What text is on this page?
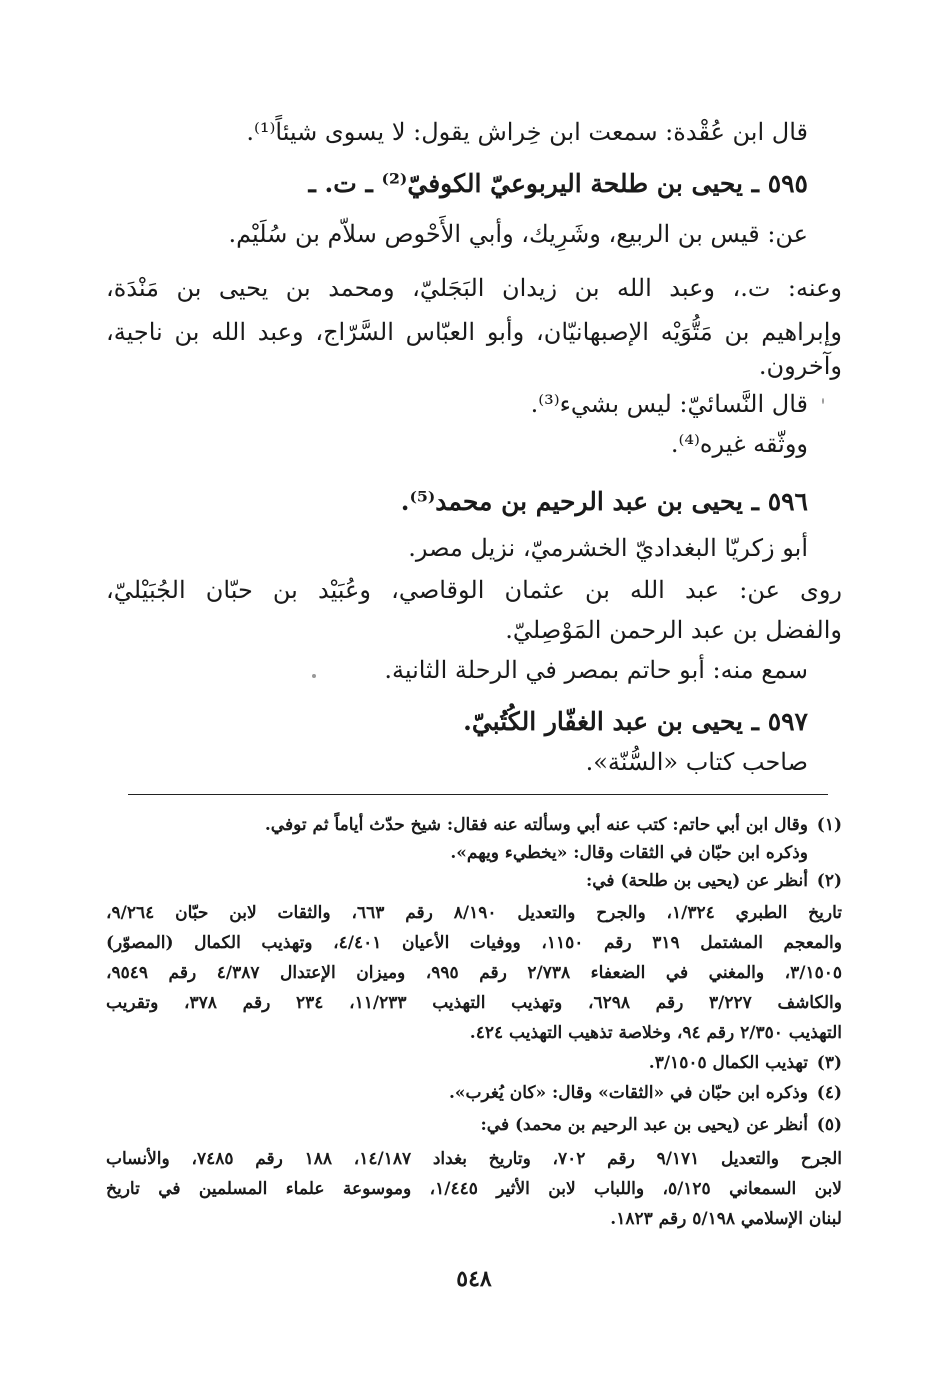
قال ابن عُقْدة: سمعت ابن خِراش يقول: لا يسوى شيئاً⁽¹⁾.
٥٩٥ ـ يحيى بن طلحة اليربوعيّ الكوفيّ⁽²⁾ ـ ت. ـ
عن: قيس بن الربيع، وشَرِيك، وأبي الأَحْوص سلاّم بن سُلَيْم.
وعنه: ت.، وعبد الله بن زيدان البَجَليّ، ومحمد بن يحيى بن مَنْدَة،
وإبراهيم بن مَتُّوَيْه الإصبهانيّان، وأبو العبّاس السَّرّاج، وعبد الله بن ناجية،
وآخرون.
قال النَّسائيّ: ليس بشيء⁽³⁾.
ووثّقه غيره⁽⁴⁾.
٥٩٦ ـ يحيى بن عبد الرحيم بن محمد⁽⁵⁾.
أبو زكريّا البغداديّ الخشرميّ، نزيل مصر.
روى عن: عبد الله بن عثمان الوقاصي، وعُبَيْد بن حبّان الجُبَيْليّ،
والفضل بن عبد الرحمن المَوْصِليّ.
سمع منه: أبو حاتم بمصر في الرحلة الثانية.
٥٩٧ ـ يحيى بن عبد الغفّار الكُتُبيّ.
صاحب كتاب «السُّنّة».
(١)
وقال ابن أبي حاتم: كتب عنه أبي وسألته عنه فقال: شيخ حدّث أياماً ثم توفي.
وذكره ابن حبّان في الثقات وقال: «يخطيء ويهم».
(٢)
أنظر عن (يحيى بن طلحة) في:
تاريخ الطبري ١/٣٢٤، والجرح والتعديل ٨/١٩٠ رقم ٦٦٣، والثقات لابن حبّان ٩/٢٦٤،
والمعجم المشتمل ٣١٩ رقم ١١٥٠، ووفيات الأعيان ٤/٤٠١، وتهذيب الكمال (المصوّر)
٣/١٥٠٥، والمغني في الضعفاء ٢/٧٣٨ رقم ٩٩٥، وميزان الإعتدال ٤/٣٨٧ رقم ٩٥٤٩،
والكاشف ٣/٢٢٧ رقم ٦٢٩٨، وتهذيب التهذيب ١١/٢٣٣، ٢٣٤ رقم ٣٧٨، وتقريب
التهذيب ٢/٣٥٠ رقم ٩٤، وخلاصة تذهيب التهذيب ٤٢٤.
(٣)
تهذيب الكمال ٣/١٥٠٥.
(٤)
وذكره ابن حبّان في «الثقات» وقال: «كان يُغرب».
(٥)
أنظر عن (يحيى بن عبد الرحيم بن محمد) في:
الجرح والتعديل ٩/١٧١ رقم ٧٠٢، وتاريخ بغداد ١٤/١٨٧، ١٨٨ رقم ٧٤٨٥، والأنساب
لابن السمعاني ٥/١٢٥، واللباب لابن الأثير ١/٤٤٥، وموسوعة علماء المسلمين في تاريخ
لبنان الإسلامي ٥/١٩٨ رقم ١٨٢٣.
٥٤٨
